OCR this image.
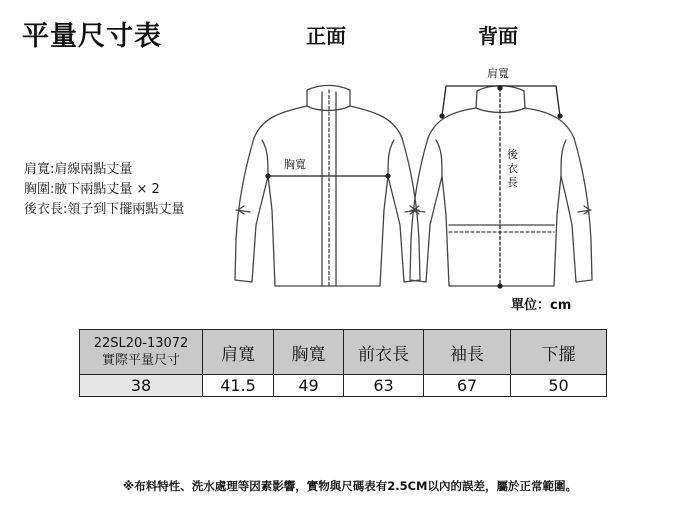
平量尺寸表	正面	背面
肩寬:肩線兩點丈量
胸圍:腋下兩點丈量 × 2
後衣長:領子到下擺兩點丈量
胸寬
肩寬
後
衣
長
單位：cm
22SL20-13072
實際平量尺寸	肩寬	胸寬	前衣長	袖長	下擺
38	41.5	49	63	67	50
※布料特性、洗水處理等因素影響，實物與尺碼表有2.5CM以內的誤差，屬於正常範圍。
